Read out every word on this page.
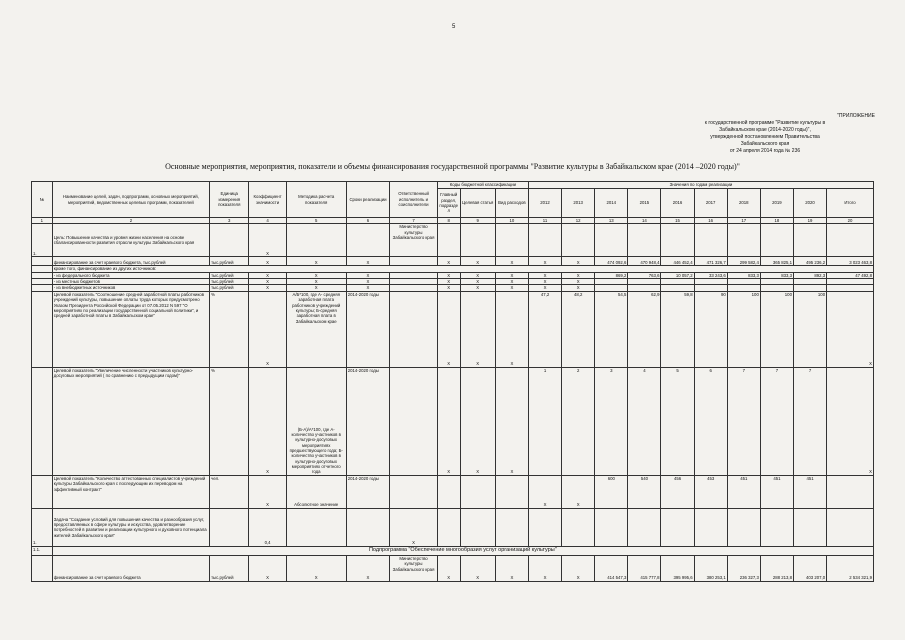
5
"ПРИЛОЖЕНИЕ
к государственной программе "Развитие культуры в
Забайкальском крае (2014-2020 годы)",
утвержденной постановлением Правительства
Забайкальского края
от 24 апреля 2014 года № 236
Основные мероприятия, мероприятия, показатели и объемы финансирования государственной программы "Развитие культуры в Забайкальском крае (2014 –2020 годы)"
№	Наименование целей, задач, подпрограмм, основных мероприятий, мероприятий, ведомственных целевых программ, показателей	Единица измерения показателя	Коэффициент значимости	Методика расчета показателя	Сроки реализации	Ответственный исполнитель и соисполнители	Коды бюджетной классификации			Значения по годам реализации									
							Главный раздел, подразде л	Целевая статья	Вид расходов	2012	2013	2014	2015	2016	2017	2018	2019	2020	Итого
1	2	3	4	5	6	7	8	9	10	11	12	13	14	15	16	17	18	19	20
1.	Цель: Повышение качества и уровня жизни населения на основе сбалансированности развития отрасли культуры Забайкальского края		Х			Министерство культуры Забайкальского края													
	финансирование за счет краевого бюджета, тыс.рублей	тыс.рублей	Х	Х	Х		Х	Х	Х	Х	Х	474 092,6	470 948,4	446 452,4	471 326,7	299 582,4	365 825,1	495 236,2	3 023 463,8
	кроме того, финансирование из других источников:																		
	- из федерального бюджета	тыс.рублей	Х	Х	Х		Х	Х	Х	Х	Х	869,2	763,6	10 057,2	33 243,6	833,3	833,3	892,3	47 492,8
	- из местных бюджетов	тыс.рублей	Х	Х	Х		Х	Х	Х	Х	Х								
	- из внебюджетных источников	тыс.рублей	Х	Х	Х		Х	Х	Х	Х	Х								
	Целевой показатель "Соотношение средней заработной платы работников учреждений культуры, повышение оплаты труда которых предусмотрено Указом Президента Российской Федерации от 07.05.2012 N 597 "О мероприятиях по реализации государственной социальной политики", и средней заработной платы в Забайкальском крае"	%	Х	А/Б*100, где А- средняя заработная плата работников учреждений культуры; Б-средняя заработная плата в Забайкальском крае	2014-2020 годы		Х	Х	Х	47,2	48,2	54,5	62,9	59,8	90	100	100	100	Х
	Целевой показатель "Увеличение численности участников культурно-досуговых мероприятий ( по сравнению с предыдущим годом)"	%	Х	(Б-А)/А*100, где А- количество участников в культурно-досуговых мероприятиях предшествующего года; Б- количество участников в культурно-досуговых мероприятиях отчетного года	2014-2020 годы		Х	Х	Х	1	2	3	4	5	6	7	7	7	Х
	Целевой показатель "Количество аттестованных специалистов учреждений культуры Забайкальского края с последующим их переводом на эффективный контракт"	чел.	Х	Абсолютное значение	2014-2020 годы					Х	Х	600	540	456	453	451	451	451	
1.	Задача "Создание условий для повышения качества и разнообразия услуг, предоставляемых в сфере культуры и искусства, удовлетворение потребностей в развитии и реализации культурного и духовного потенциала жителей Забайкальского края"		0,4			Х													
1.1.	Подпрограмма "Обеспечение многообразия услуг организаций культуры"																		
	финансирование за счет краевого бюджета	тыс.рублей	Х	Х	Х	Министерство культуры Забайкальского края	Х	Х	Х	Х	Х	414 547,3	415 777,8	395 995,6	380 253,1	236 327,3	288 213,8	403 207,0	2 534 321,9
